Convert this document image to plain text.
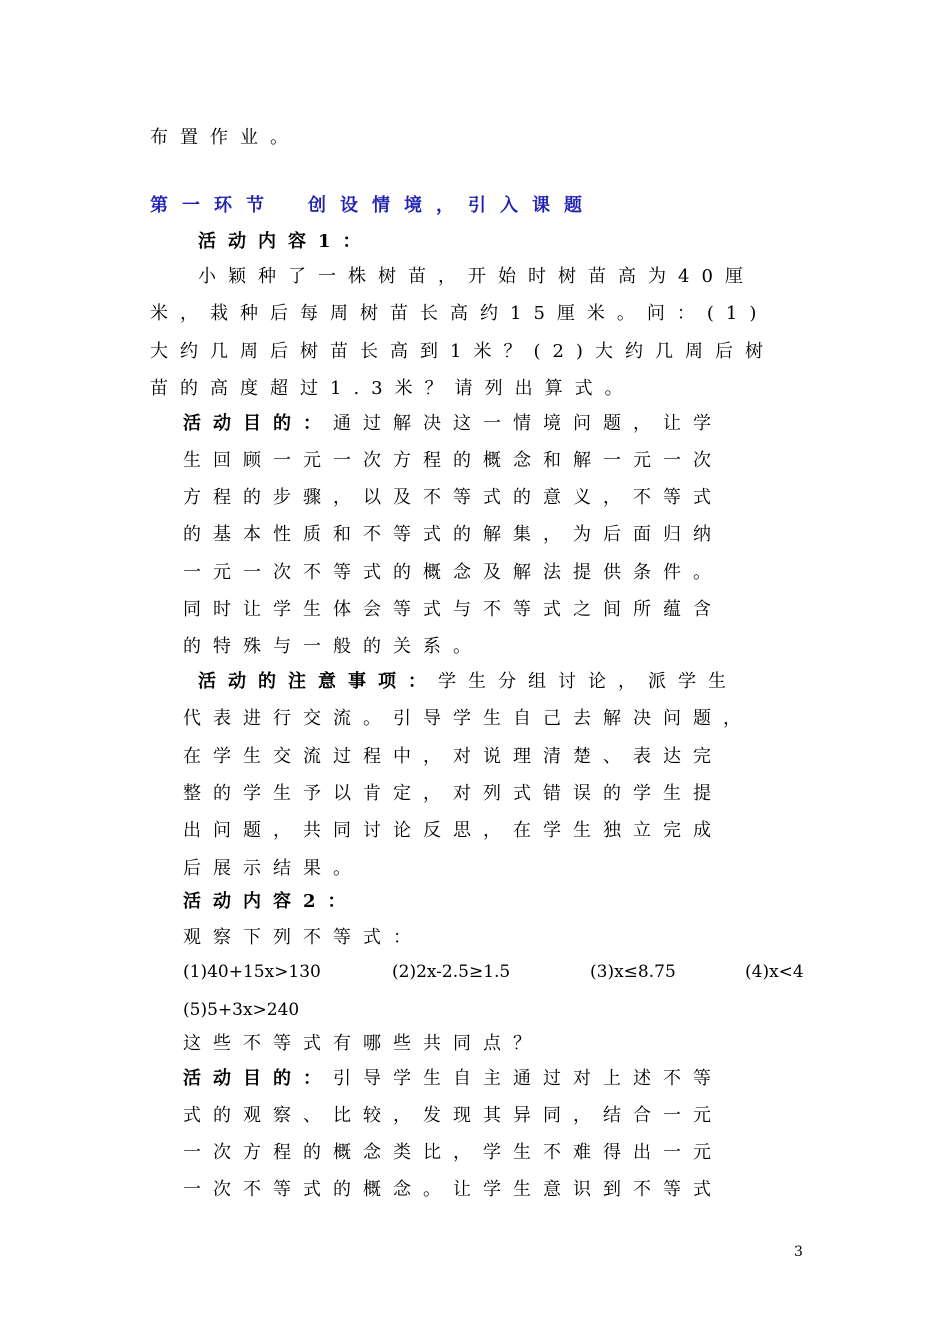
布置作业。
第一环节 创设情境，引入课题
活动内容1：
小颖种了一株树苗，开始时树苗高为40厘
米，栽种后每周树苗长高约15厘米。问：(1)
大约几周后树苗长高到1米？(2)大约几周后树
苗的高度超过1.3米？请列出算式。
活动目的：通过解决这一情境问题，让学
生回顾一元一次方程的概念和解一元一次
方程的步骤，以及不等式的意义，不等式
的基本性质和不等式的解集，为后面归纳
一元一次不等式的概念及解法提供条件。
同时让学生体会等式与不等式之间所蕴含
的特殊与一般的关系。
活动的注意事项：学生分组讨论，派学生
代表进行交流。引导学生自己去解决问题，
在学生交流过程中，对说理清楚、表达完
整的学生予以肯定，对列式错误的学生提
出问题，共同讨论反思，在学生独立完成
后展示结果。
活动内容2：
观察下列不等式：
(1)40+15x>130	(2)2x-2.5≥1.5	(3)x≤8.75	(4)x<4
(5)5+3x>240
这些不等式有哪些共同点？
活动目的：引导学生自主通过对上述不等
式的观察、比较，发现其异同，结合一元
一次方程的概念类比，学生不难得出一元
一次不等式的概念。让学生意识到不等式
3
